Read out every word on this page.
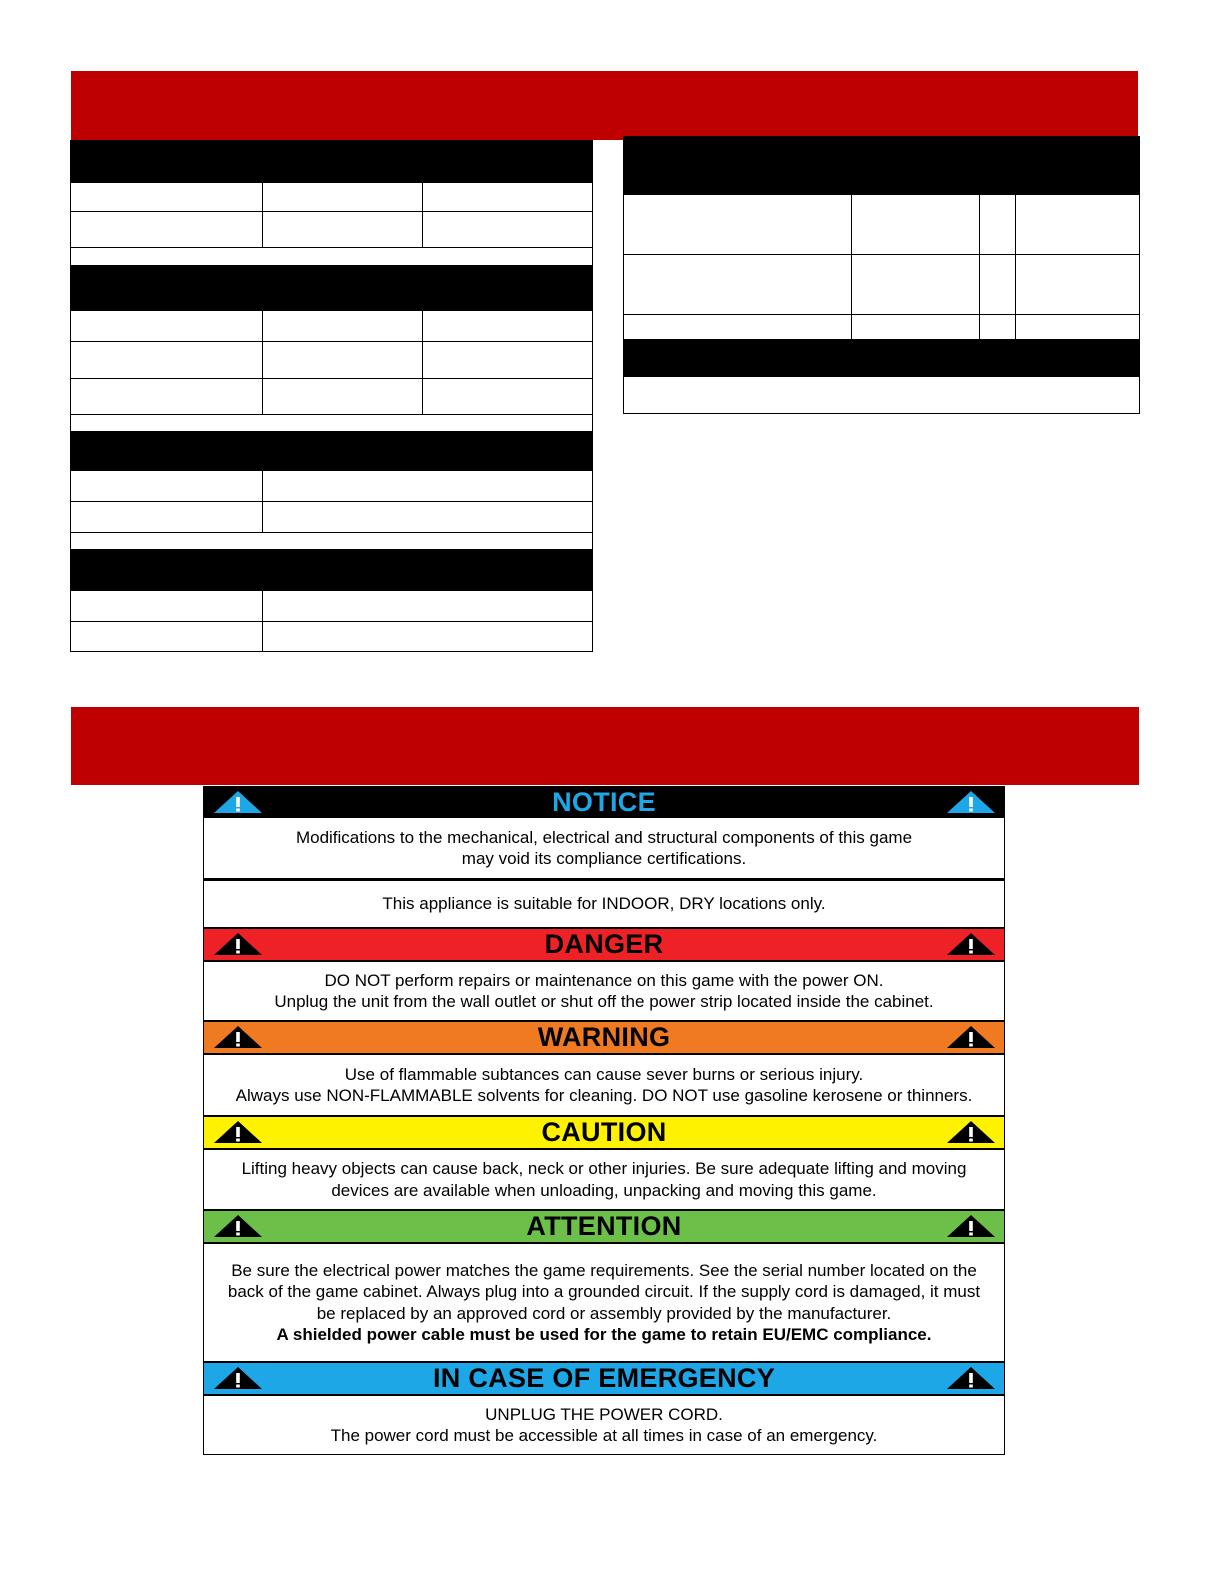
NOTICE

Modifications to the mechanical, electrical and structural components of this game

may void its compliance certifications.

This appliance is suitable for INDOOR, DRY locations only.

DANGER

DO NOT perform repairs or maintenance on this game with the power ON.

Unplug the unit from the wall outlet or shut off the power strip located inside the cabinet.

WARNING

Use of flammable subtances can cause sever burns or serious injury.

Always use NON-FLAMMABLE solvents for cleaning. DO NOT use gasoline kerosene or thinners.

CAUTION

Lifting heavy objects can cause back, neck or other injuries. Be sure adequate lifting and moving

devices are available when unloading, unpacking and moving this game.

ATTENTION

Be sure the electrical power matches the game requirements. See the serial number located on the

back of the game cabinet. Always plug into a grounded circuit. If the supply cord is damaged, it must

be replaced by an approved cord or assembly provided by the manufacturer.

A shielded power cable must be used for the game to retain EU/EMC compliance.

IN CASE OF EMERGENCY

UNPLUG THE POWER CORD.

The power cord must be accessible at all times in case of an emergency.
